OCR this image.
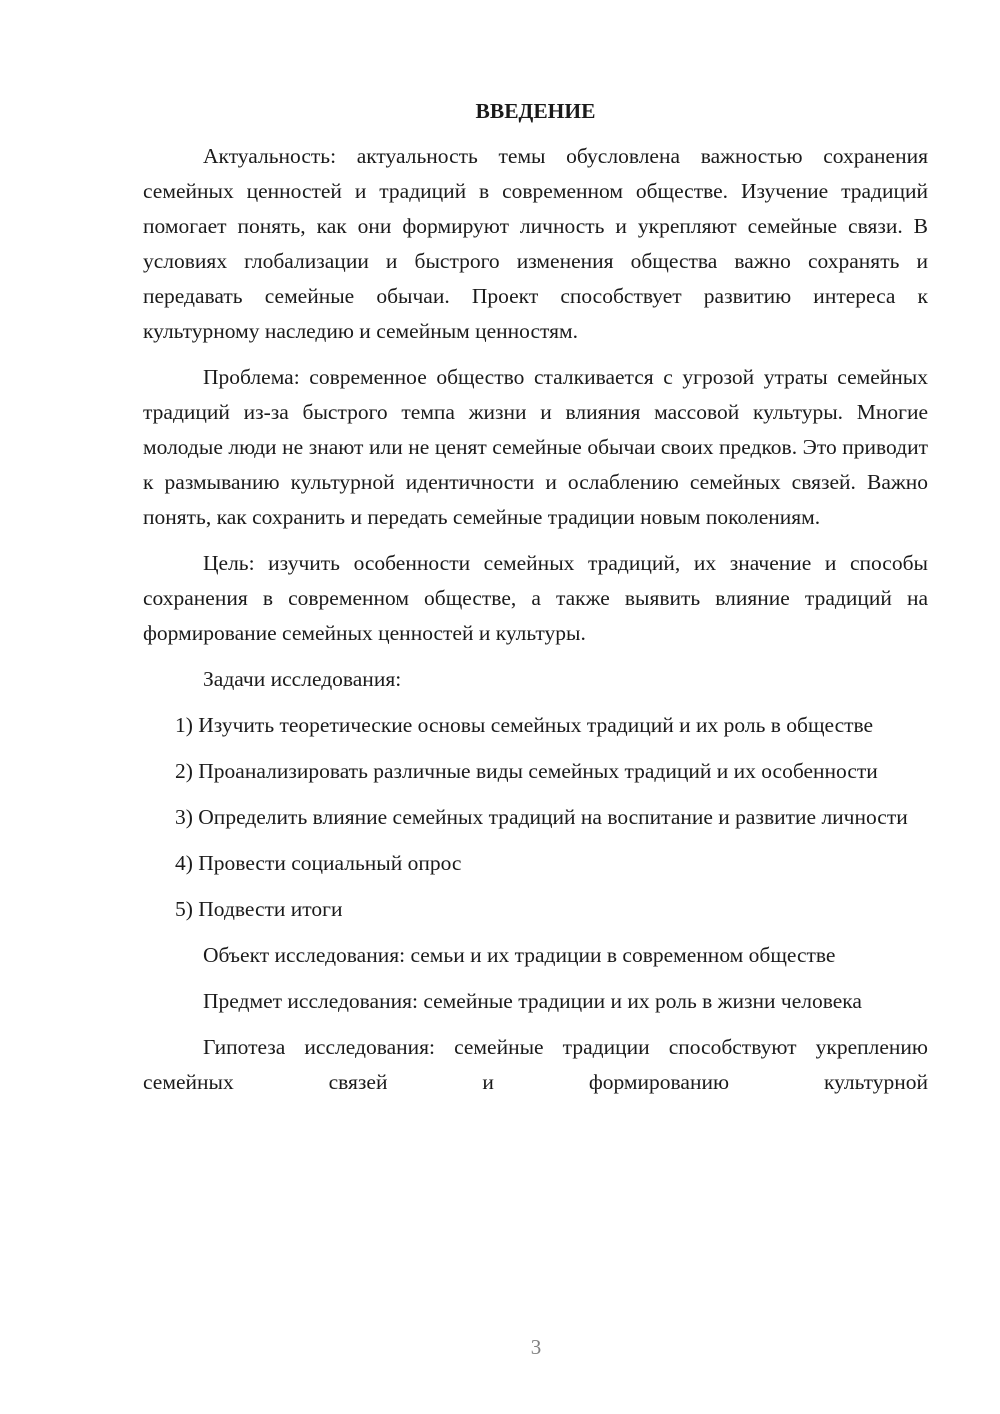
ВВЕДЕНИЕ

Актуальность: актуальность темы обусловлена важностью сохранения семейных ценностей и традиций в современном обществе. Изучение традиций помогает понять, как они формируют личность и укрепляют семейные связи. В условиях глобализации и быстрого изменения общества важно сохранять и передавать семейные обычаи. Проект способствует развитию интереса к культурному наследию и семейным ценностям.

Проблема: современное общество сталкивается с угрозой утраты семейных традиций из-за быстрого темпа жизни и влияния массовой культуры. Многие молодые люди не знают или не ценят семейные обычаи своих предков. Это приводит к размыванию культурной идентичности и ослаблению семейных связей. Важно понять, как сохранить и передать семейные традиции новым поколениям.

Цель: изучить особенности семейных традиций, их значение и способы сохранения в современном обществе, а также выявить влияние традиций на формирование семейных ценностей и культуры.

Задачи исследования:

1) Изучить теоретические основы семейных традиций и их роль в обществе

2) Проанализировать различные виды семейных традиций и их особенности

3) Определить влияние семейных традиций на воспитание и развитие личности

4) Провести социальный опрос

5) Подвести итоги

Объект исследования: семьи и их традиции в современном обществе

Предмет исследования: семейные традиции и их роль в жизни человека

Гипотеза исследования: семейные традиции способствуют укреплению семейных связей и формированию культурной

3
